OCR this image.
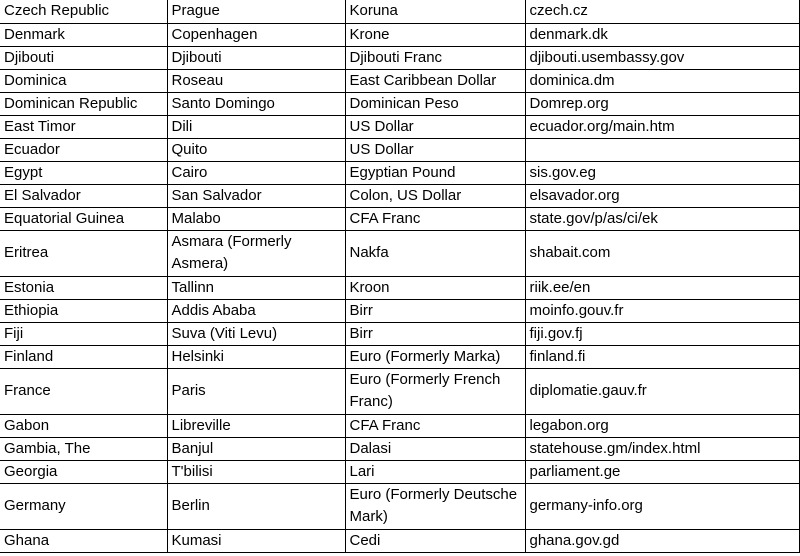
Czech Republic	Prague	Koruna	czech.cz
Denmark	Copenhagen	Krone	denmark.dk
Djibouti	Djibouti	Djibouti Franc	djibouti.usembassy.gov
Dominica	Roseau	East Caribbean Dollar	dominica.dm
Dominican Republic	Santo Domingo	Dominican Peso	Domrep.org
East Timor	Dili	US Dollar	ecuador.org/main.htm
Ecuador	Quito	US Dollar	
Egypt	Cairo	Egyptian Pound	sis.gov.eg
El Salvador	San Salvador	Colon, US Dollar	elsavador.org
Equatorial Guinea	Malabo	CFA Franc	state.gov/p/as/ci/ek
Eritrea	Asmara (Formerly Asmera)	Nakfa	shabait.com
Estonia	Tallinn	Kroon	riik.ee/en
Ethiopia	Addis Ababa	Birr	moinfo.gouv.fr
Fiji	Suva (Viti Levu)	Birr	fiji.gov.fj
Finland	Helsinki	Euro (Formerly Marka)	finland.fi
France	Paris	Euro (Formerly French Franc)	diplomatie.gauv.fr
Gabon	Libreville	CFA Franc	legabon.org
Gambia, The	Banjul	Dalasi	statehouse.gm/index.html
Georgia	T'bilisi	Lari	parliament.ge
Germany	Berlin	Euro (Formerly Deutsche Mark)	germany-info.org
Ghana	Kumasi	Cedi	ghana.gov.gd
